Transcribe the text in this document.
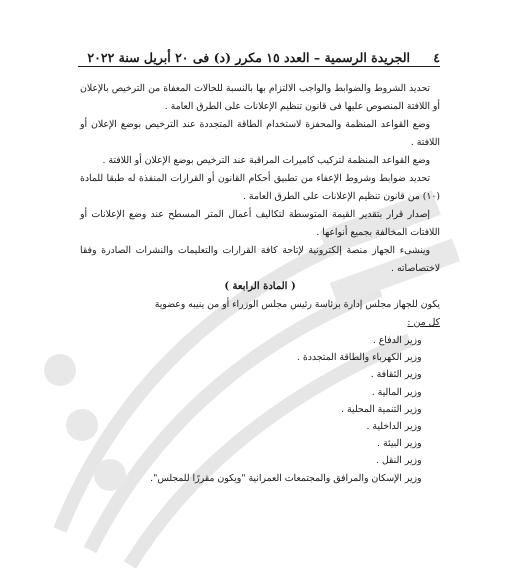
٤
الجريدة الرسمية – العدد ١٥ مكرر (د) فى ٢٠ أبريل سنة ٢٠٢٢

تحديد الشروط والضوابط والواجب الالتزام بها بالنسبة للحالات المعفاة من الترخيص بالإعلان أو اللافتة المنصوص عليها فى قانون تنظيم الإعلانات على الطرق العامة .

وضع القواعد المنظمة والمحفزة لاستخدام الطاقة المتجددة عند الترخيص بوضع الإعلان أو اللافتة .

وضع القواعد المنظمة لتركيب كاميرات المراقبة عند الترخيص بوضع الإعلان أو اللافتة .

تحديد ضوابط وشروط الإعفاء من تطبيق أحكام القانون أو القرارات المنفذة له طبقا للمادة (١٠) من قانون تنظيم الإعلانات على الطرق العامة .

إصدار قرار بتقدير القيمة المتوسطة لتكاليف أعمال المتر المسطح عند وضع الإعلانات أو اللافتات المخالفة بجميع أنواعها .

وينشىء الجهاز منصة إلكترونية لإتاحة كافة القرارات والتعليمات والنشرات الصادرة وفقا لاختصاصاته .

( المادة الرابعة )

يكون للجهاز مجلس إدارة برئاسة رئيس مجلس الوزراء أو من ينيبه وعضوية

كل من :

• وزير الدفاع .
• وزير الكهرباء والطاقة المتجددة .
• وزير الثقافة .
• وزير المالية .
• وزير التنمية المحلية .
• وزير الداخلية .
• وزير البيئة .
• وزير النقل .
• وزير الإسكان والمرافق والمجتمعات العمرانية "ويكون مقررًا للمجلس".
